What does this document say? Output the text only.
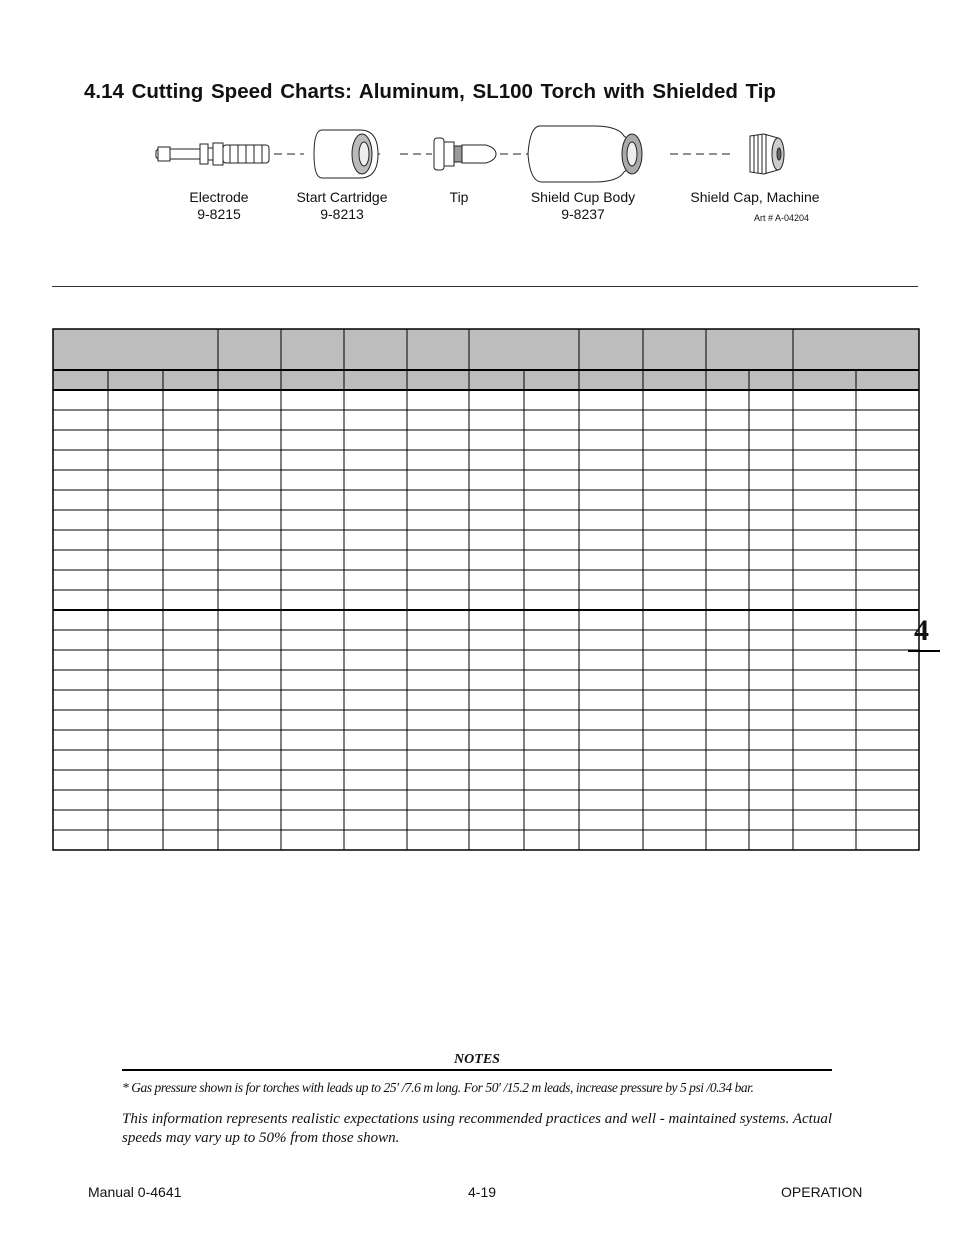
4.14 Cutting Speed Charts: Aluminum, SL100 Torch with Shielded Tip
Electrode
9-8215
Start Cartridge
9-8213
Tip	Shield Cup Body
9-8237
Shield Cap, Machine
Art # A-04204
4
NOTES
* Gas pressure shown is for torches with leads up to 25′ /7.6 m long. For 50′ /15.2 m leads, increase pressure by 5 psi /0.34 bar.
This information represents realistic expectations using recommended practices and well - maintained systems. Actual speeds may vary up to 50% from those shown.
Manual 0-4641	4-19	OPERATION
